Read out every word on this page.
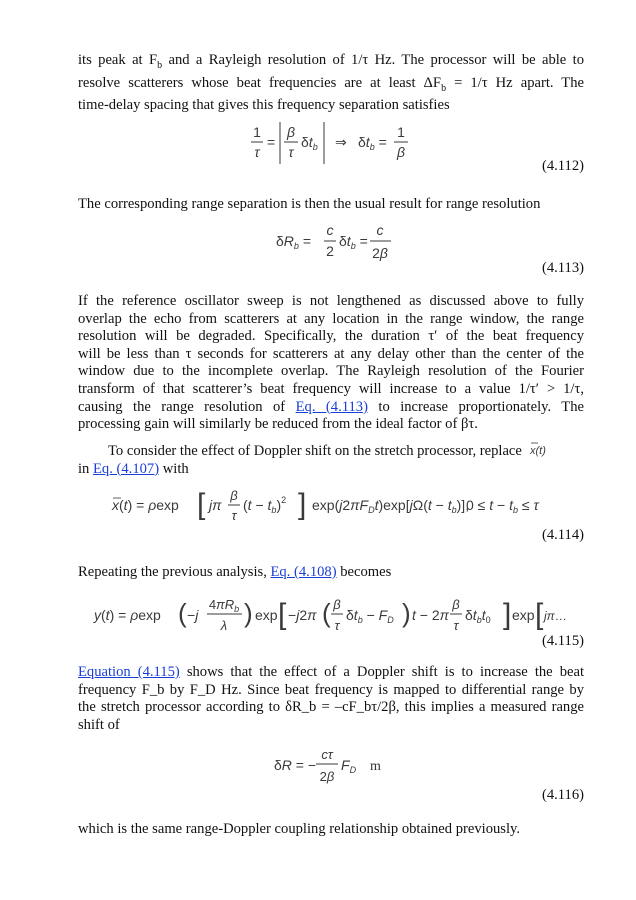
its peak at $F_b$ and a Rayleigh resolution of 1/τ Hz. The processor will be able to
resolve scatterers whose beat frequencies are at least $\Delta F_b = 1/\tau$ Hz apart. The
time-delay spacing that gives this frequency separation satisfies
1
τ
=
β
τ
$\delta t_b$ ⇒ $\delta t_b$ =
1
β
(4.112)
The corresponding range separation is then the usual result for range resolution
$\delta R_b$ =
c
2
$\delta t_b$ =
c
2β
(4.113)
If the reference oscillator sweep is not lengthened as discussed above to fully
overlap the echo from scatterers at any location in the range window, the range
resolution will be degraded. Specifically, the duration τ′ of the beat frequency
will be less than τ seconds for scatterers at any delay other than the center of the
window due to the incomplete overlap. The Rayleigh resolution of the Fourier
transform of that scatterer’s beat frequency will increase to a value 1/τ′ > 1/τ,
causing the range resolution of Eq. (4.113) to increase proportionately. The
processing gain will similarly be reduced from the ideal factor of βτ.
To consider the effect of Doppler shift on the stretch processor, replace x(t)
in Eq. (4.107) with
x(t) = ρexp [ jπ
β
τ
$(t - t_b)^2$ ] $\exp(j2\pi F_Dt)\exp[j\Omega(t - t_b)]$,
$0 \le t - t_b \le \tau$
(4.114)
Repeating the previous analysis, Eq. (4.108) becomes
y(t) = ρexp ( −j
$4\pi R_b$
λ ) exp [ −j2π ( β
τ
$\delta t_b - F_D$ ) t − 2π
β
τ
$\delta t_bt_0$ ] exp [ jπ…
(4.115)
Equation (4.115) shows that the effect of a Doppler shift is to increase the beat
frequency F_b by F_D Hz. Since beat frequency is mapped to differential range by
the stretch processor according to δR_b = –cF_bτ/2β, this implies a measured range
shift of
δR = −
cτ
2β
$F_D$ m
(4.116)
which is the same range-Doppler coupling relationship obtained previously.
